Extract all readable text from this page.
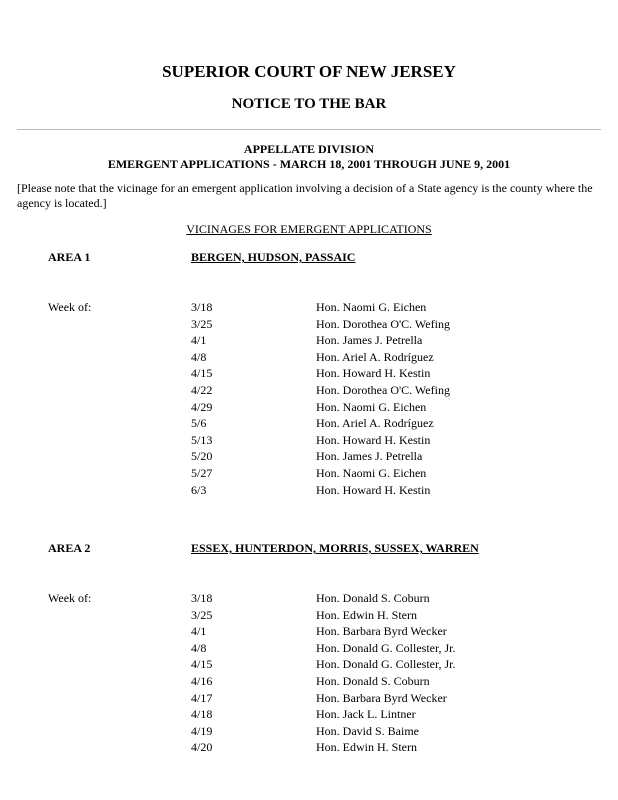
SUPERIOR COURT OF NEW JERSEY
NOTICE TO THE BAR
APPELLATE DIVISION
EMERGENT APPLICATIONS - MARCH 18, 2001 THROUGH JUNE 9, 2001
[Please note that the vicinage for an emergent application involving a decision of a State agency is the county where the agency is located.]
VICINAGES FOR EMERGENT APPLICATIONS
AREA 1	BERGEN, HUDSON, PASSAIC
Week of:	3/18	Hon. Naomi G. Eichen
3/25	Hon. Dorothea O'C. Wefing
4/1	Hon. James J. Petrella
4/8	Hon. Ariel A. Rodríguez
4/15	Hon. Howard H. Kestin
4/22	Hon. Dorothea O'C. Wefing
4/29	Hon. Naomi G. Eichen
5/6	Hon. Ariel A. Rodríguez
5/13	Hon. Howard H. Kestin
5/20	Hon. James J. Petrella
5/27	Hon. Naomi G. Eichen
6/3	Hon. Howard H. Kestin
AREA 2	ESSEX, HUNTERDON, MORRIS, SUSSEX, WARREN
Week of:	3/18	Hon. Donald S. Coburn
3/25	Hon. Edwin H. Stern
4/1	Hon. Barbara Byrd Wecker
4/8	Hon. Donald G. Collester, Jr.
4/15	Hon. Donald G. Collester, Jr.
4/16	Hon. Donald S. Coburn
4/17	Hon. Barbara Byrd Wecker
4/18	Hon. Jack L. Lintner
4/19	Hon. David S. Baime
4/20	Hon. Edwin H. Stern
